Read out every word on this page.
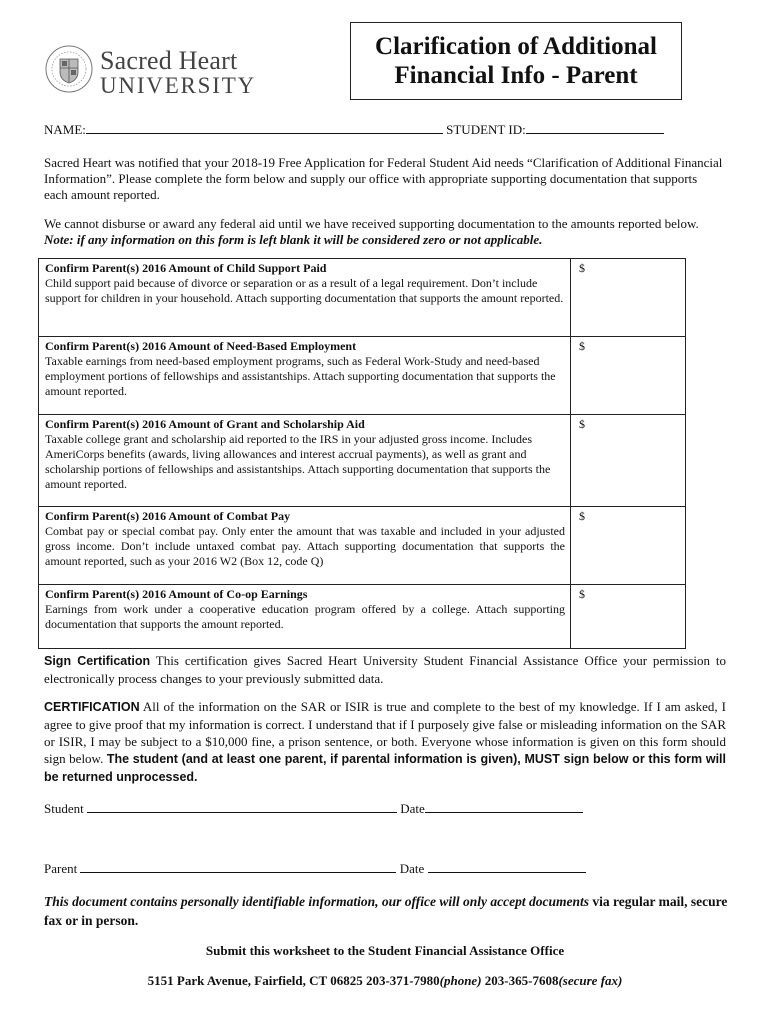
Sacred Heart
UNIVERSITY
Clarification of Additional
Financial Info - Parent
NAME:	STUDENT ID:
Sacred Heart was notified that your 2018-19 Free Application for Federal Student Aid needs “Clarification of Additional Financial Information”. Please complete the form below and supply our office with appropriate supporting documentation that supports each amount reported.
We cannot disburse or award any federal aid until we have received supporting documentation to the amounts reported below.
Note: if any information on this form is left blank it will be considered zero or not applicable.
Confirm Parent(s) 2016 Amount of Child Support Paid
Child support paid because of divorce or separation or as a result of a legal requirement. Don’t include support for children in your household. Attach supporting documentation that supports the amount reported.	$

Confirm Parent(s) 2016 Amount of Need-Based Employment
Taxable earnings from need-based employment programs, such as Federal Work-Study and need-based employment portions of fellowships and assistantships. Attach supporting documentation that supports the amount reported.	$

Confirm Parent(s) 2016 Amount of Grant and Scholarship Aid
Taxable college grant and scholarship aid reported to the IRS in your adjusted gross income. Includes AmeriCorps benefits (awards, living allowances and interest accrual payments), as well as grant and scholarship portions of fellowships and assistantships. Attach supporting documentation that supports the amount reported.	$

Confirm Parent(s) 2016 Amount of Combat Pay
Combat pay or special combat pay. Only enter the amount that was taxable and included in your adjusted gross income. Don’t include untaxed combat pay. Attach supporting documentation that supports the amount reported, such as your 2016 W2 (Box 12, code Q)	$

Confirm Parent(s) 2016 Amount of Co-op Earnings
Earnings from work under a cooperative education program offered by a college. Attach supporting documentation that supports the amount reported.	$
Sign Certification This certification gives Sacred Heart University Student Financial Assistance Office your permission to electronically process changes to your previously submitted data.
CERTIFICATION All of the information on the SAR or ISIR is true and complete to the best of my knowledge. If I am asked, I agree to give proof that my information is correct. I understand that if I purposely give false or misleading information on the SAR or ISIR, I may be subject to a $10,000 fine, a prison sentence, or both. Everyone whose information is given on this form should sign below. The student (and at least one parent, if parental information is given), MUST sign below or this form will be returned unprocessed.
Student	Date
Parent	Date
This document contains personally identifiable information, our office will only accept documents via regular mail, secure fax or in person.
Submit this worksheet to the Student Financial Assistance Office
5151 Park Avenue, Fairfield, CT 06825 203-371-7980(phone) 203-365-7608(secure fax)
